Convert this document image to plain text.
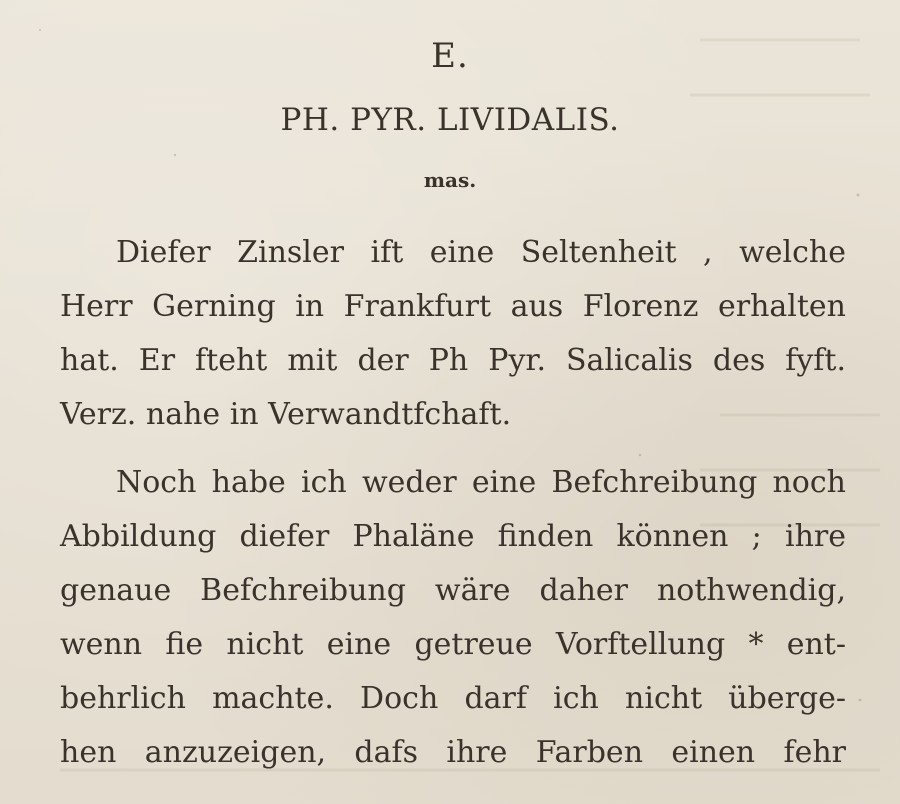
E.
PH. PYR. LIVIDALIS.
mas.
Diefer Zinsler ift eine Seltenheit , welche
Herr Gerning in Frankfurt aus Florenz erhalten
hat. Er fteht mit der Ph Pyr. Salicalis des fyft.
Verz. nahe in Verwandtfchaft.
Noch habe ich weder eine Befchreibung noch
Abbildung diefer Phaläne finden können ; ihre
genaue Befchreibung wäre daher nothwendig,
wenn fie nicht eine getreue Vorftellung * ent-
behrlich machte. Doch darf ich nicht überge-
hen anzuzeigen, dafs ihre Farben einen fehr
